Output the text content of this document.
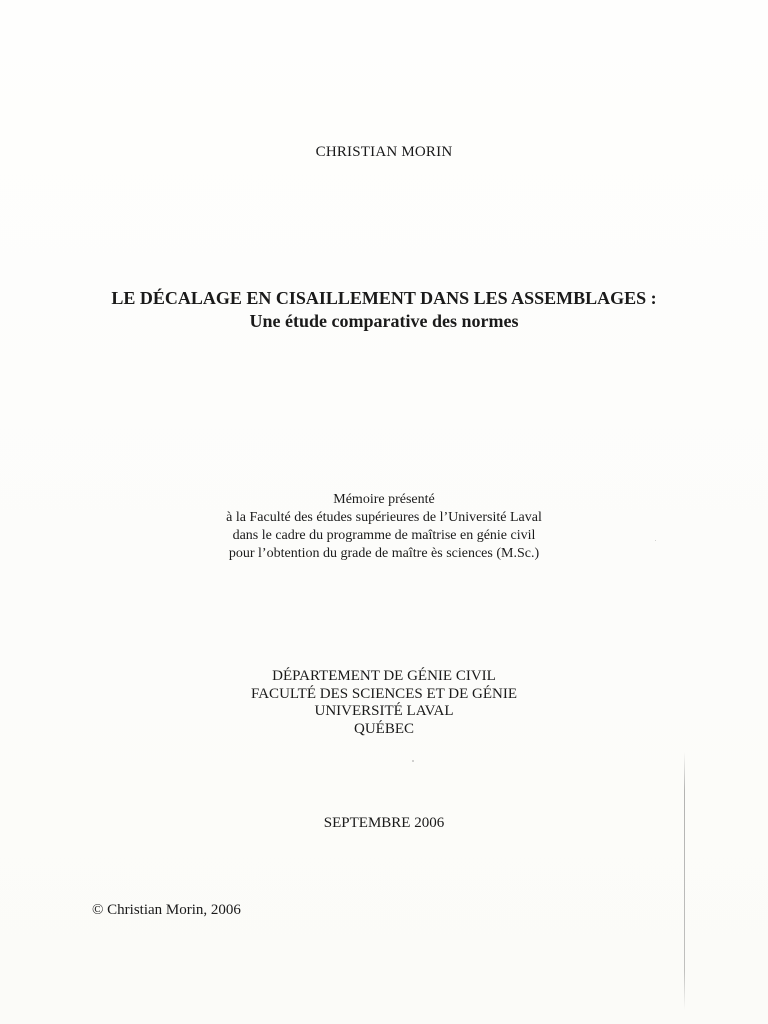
CHRISTIAN MORIN
LE DÉCALAGE EN CISAILLEMENT DANS LES ASSEMBLAGES :
Une étude comparative des normes
Mémoire présenté
à la Faculté des études supérieures de l’Université Laval
dans le cadre du programme de maîtrise en génie civil
pour l’obtention du grade de maître ès sciences (M.Sc.)
DÉPARTEMENT DE GÉNIE CIVIL
FACULTÉ DES SCIENCES ET DE GÉNIE
UNIVERSITÉ LAVAL
QUÉBEC
SEPTEMBRE 2006
© Christian Morin, 2006
